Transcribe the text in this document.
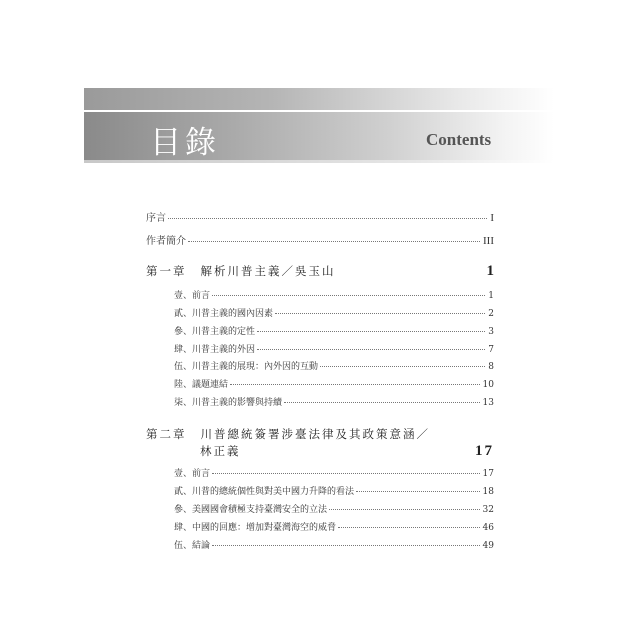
目錄	Contents
序言	I
作者簡介	III
第一章 解析川普主義／吳玉山	1
壹、前言	1
貳、川普主義的國內因素	2
參、川普主義的定性	3
肆、川普主義的外因	7
伍、川普主義的展現：內外因的互動	8
陸、議題連結	10
柒、川普主義的影響與持續	13
第二章 川普總統簽署涉臺法律及其政策意涵／
林正義	17
壹、前言	17
貳、川普的總統個性與對美中國力升降的看法	18
參、美國國會積極支持臺灣安全的立法	32
肆、中國的回應：增加對臺灣海空的威脅	46
伍、結論	49
